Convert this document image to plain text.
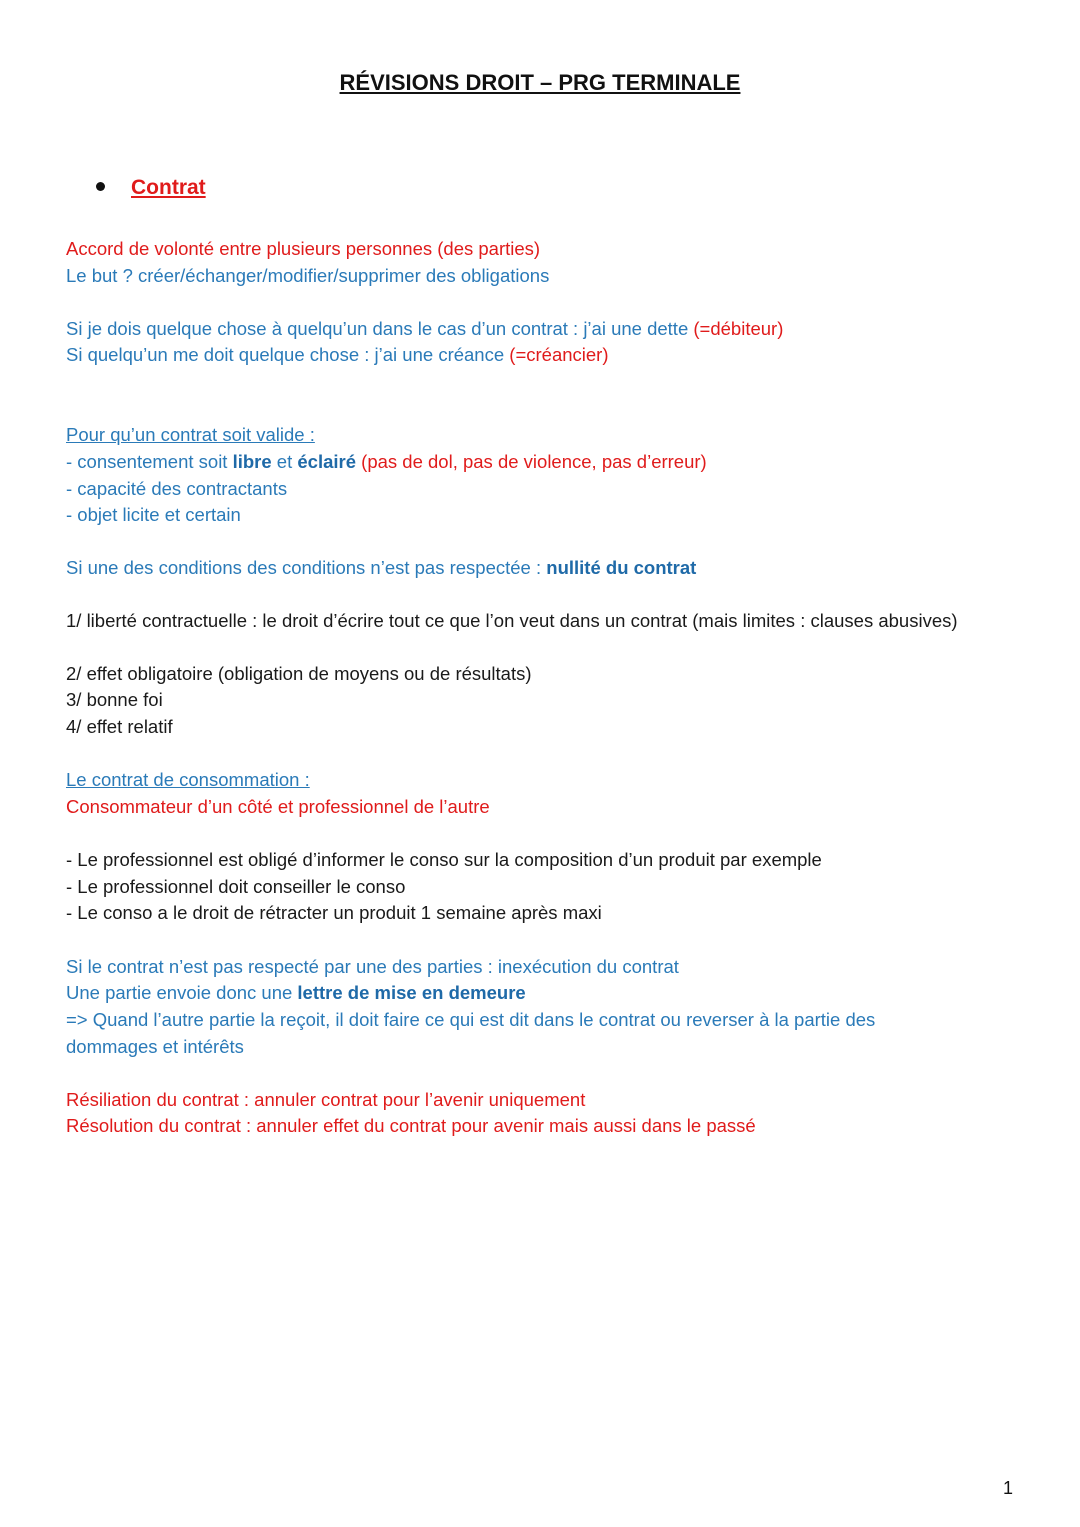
RÉVISIONS DROIT – PRG TERMINALE
Contrat
Accord de volonté entre plusieurs personnes (des parties)
Le but ? créer/échanger/modifier/supprimer des obligations
Si je dois quelque chose à quelqu’un dans le cas d’un contrat : j’ai une dette (=débiteur)
Si quelqu’un me doit quelque chose : j’ai une créance (=créancier)
Pour qu’un contrat soit valide :
- consentement soit libre et éclairé (pas de dol, pas de violence, pas d’erreur)
- capacité des contractants
- objet licite et certain
Si une des conditions des conditions n’est pas respectée : nullité du contrat
1/ liberté contractuelle : le droit d’écrire tout ce que l’on veut dans un contrat (mais limites : clauses abusives)
2/ effet obligatoire (obligation de moyens ou de résultats)
3/ bonne foi
4/ effet relatif
Le contrat de consommation :
Consommateur d’un côté et professionnel de l’autre
- Le professionnel est obligé d’informer le conso sur la composition d’un produit par exemple
- Le professionnel doit conseiller le conso
- Le conso a le droit de rétracter un produit 1 semaine après maxi
Si le contrat n’est pas respecté par une des parties : inexécution du contrat
Une partie envoie donc une lettre de mise en demeure
=> Quand l’autre partie la reçoit, il doit faire ce qui est dit dans le contrat ou reverser à la partie des dommages et intérêts
Résiliation du contrat : annuler contrat pour l’avenir uniquement
Résolution du contrat : annuler effet du contrat pour avenir mais aussi dans le passé
1
